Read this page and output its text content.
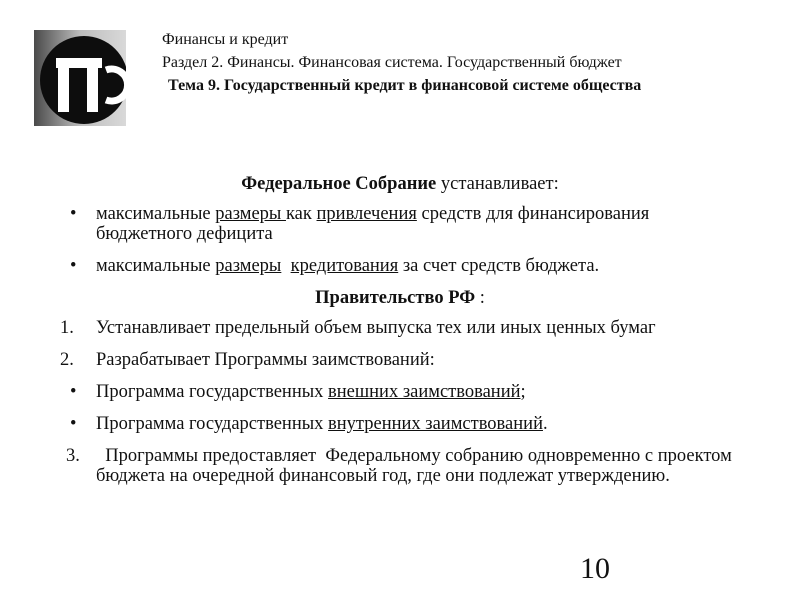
Финансы и кредит
Раздел 2. Финансы. Финансовая система. Государственный бюджет
Тема 9. Государственный кредит в финансовой системе общества
Федеральное Собрание устанавливает:
•	максимальные размеры как привлечения средств для финансирования бюджетного дефицита
•	максимальные размеры кредитования за счет средств бюджета.
Правительство РФ :
1.	Устанавливает предельный объем выпуска тех или иных ценных бумаг
2.	Разрабатывает Программы заимствований:
•	Программа государственных внешних заимствований;
•	Программа государственных внутренних заимствований.
3. Программы предоставляет  Федеральному собранию одновременно с проектом бюджета на очередной финансовый год, где они подлежат утверждению.
10
